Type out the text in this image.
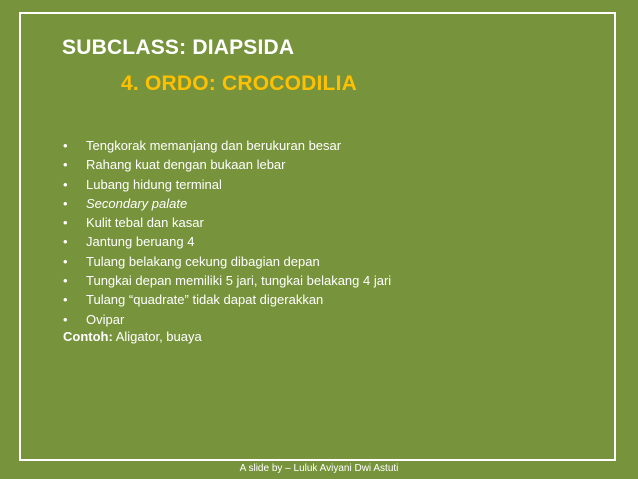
SUBCLASS: DIAPSIDA
4. ORDO: CROCODILIA
• Tengkorak memanjang dan berukuran besar
• Rahang kuat dengan bukaan lebar
• Lubang hidung terminal
• Secondary palate
• Kulit tebal dan kasar
• Jantung beruang 4
• Tulang belakang cekung dibagian depan
• Tungkai depan memiliki 5 jari, tungkai belakang 4 jari
• Tulang “quadrate” tidak dapat digerakkan
• Ovipar
Contoh: Aligator, buaya
A slide by – Luluk Aviyani Dwi Astuti
